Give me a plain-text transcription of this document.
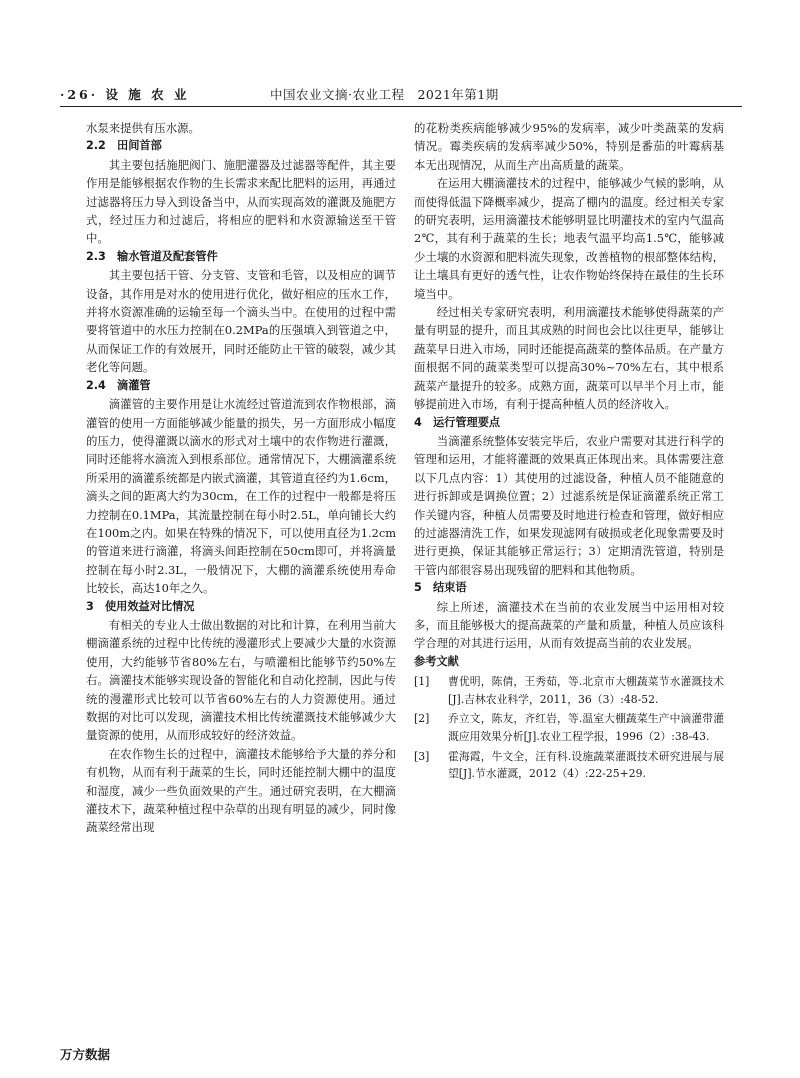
·26· 设 施 农 业	中国农业文摘·农业工程　2021年第1期

水泵来提供有压水源。

2.2　田间首部

其主要包括施肥阀门、施肥灌器及过滤器等配件，其主要作用是能够根据农作物的生长需求来配比肥料的运用，再通过过滤器将压力导入到设备当中，从而实现高效的灌溉及施肥方式，经过压力和过滤后，将相应的肥料和水资源输送至干管中。

2.3　输水管道及配套管件

其主要包括干管、分支管、支管和毛管，以及相应的调节设备，其作用是对水的使用进行优化，做好相应的压水工作，并将水资源准确的运输至每一个滴头当中。在使用的过程中需要将管道中的水压力控制在0.2MPa的压强填入到管道之中，从而保证工作的有效展开，同时还能防止干管的破裂，减少其老化等问题。

2.4　滴灌管

滴灌管的主要作用是让水流经过管道流到农作物根部，滴灌管的使用一方面能够减少能量的损失，另一方面形成小幅度的压力，使得灌溉以滴水的形式对土壤中的农作物进行灌溉，同时还能将水滴流入到根系部位。通常情况下，大棚滴灌系统所采用的滴灌系统都是内嵌式滴灌，其管道直径约为1.6cm，滴头之间的距离大约为30cm，在工作的过程中一般都是将压力控制在0.1MPa，其流量控制在每小时2.5L，单向铺长大约在100m之内。如果在特殊的情况下，可以使用直径为1.2cm的管道来进行滴灌，将滴头间距控制在50cm即可，并将滴量控制在每小时2.3L，一般情况下，大棚的滴灌系统使用寿命比较长，高达10年之久。

3　使用效益对比情况

有相关的专业人士做出数据的对比和计算，在利用当前大棚滴灌系统的过程中比传统的漫灌形式上要减少大量的水资源使用，大约能够节省80%左右，与喷灌相比能够节约50%左右。滴灌技术能够实现设备的智能化和自动化控制，因此与传统的漫灌形式比较可以节省60%左右的人力资源使用。通过数据的对比可以发现，滴灌技术相比传统灌溉技术能够减少大量资源的使用，从而形成较好的经济效益。

在农作物生长的过程中，滴灌技术能够给予大量的养分和有机物，从而有利于蔬菜的生长，同时还能控制大棚中的温度和湿度，减少一些负面效果的产生。通过研究表明，在大棚滴灌技术下，蔬菜种植过程中杂草的出现有明显的减少，同时像蔬菜经常出现

的花粉类疾病能够减少95%的发病率，减少叶类蔬菜的发病情况。霉类疾病的发病率减少50%，特别是番茄的叶霉病基本无出现情况，从而生产出高质量的蔬菜。

在运用大棚滴灌技术的过程中，能够减少气候的影响，从而使得低温下降概率减少，提高了棚内的温度。经过相关专家的研究表明，运用滴灌技术能够明显比明灌技术的室内气温高2℃，其有利于蔬菜的生长；地表气温平均高1.5℃，能够减少土壤的水资源和肥料流失现象，改善植物的根部整体结构，让土壤具有更好的透气性，让农作物始终保持在最佳的生长环境当中。

经过相关专家研究表明，利用滴灌技术能够使得蔬菜的产量有明显的提升，而且其成熟的时间也会比以往更早，能够让蔬菜早日进入市场，同时还能提高蔬菜的整体品质。在产量方面根据不同的蔬菜类型可以提高30%~70%左右，其中根系蔬菜产量提升的较多。成熟方面，蔬菜可以早半个月上市，能够提前进入市场，有利于提高种植人员的经济收入。

4　运行管理要点

当滴灌系统整体安装完毕后，农业户需要对其进行科学的管理和运用，才能将灌溉的效果真正体现出来。具体需要注意以下几点内容：1）其使用的过滤设备，种植人员不能随意的进行拆卸或是调换位置；2）过滤系统是保证滴灌系统正常工作关键内容，种植人员需要及时地进行检查和管理，做好相应的过滤器清洗工作，如果发现滤网有破损或老化现象需要及时进行更换，保证其能够正常运行；3）定期清洗管道，特别是干管内部很容易出现残留的肥料和其他物质。

5　结束语

综上所述，滴灌技术在当前的农业发展当中运用相对较多，而且能够极大的提高蔬菜的产量和质量，种植人员应该科学合理的对其进行运用，从而有效提高当前的农业发展。

参考文献
[1]	曹优明，陈倩，王秀茹，等.北京市大棚蔬菜节水灌溉技术[J].吉林农业科学，2011，36（3）:48-52.
[2]	乔立文，陈友，齐红岩，等.温室大棚蔬菜生产中滴灌带灌溉应用效果分析[J].农业工程学报，1996（2）:38-43.
[3]	霍海霞，牛文全，汪有科.设施蔬菜灌溉技术研究进展与展望[J].节水灌溉，2012（4）:22-25+29.
万方数据
